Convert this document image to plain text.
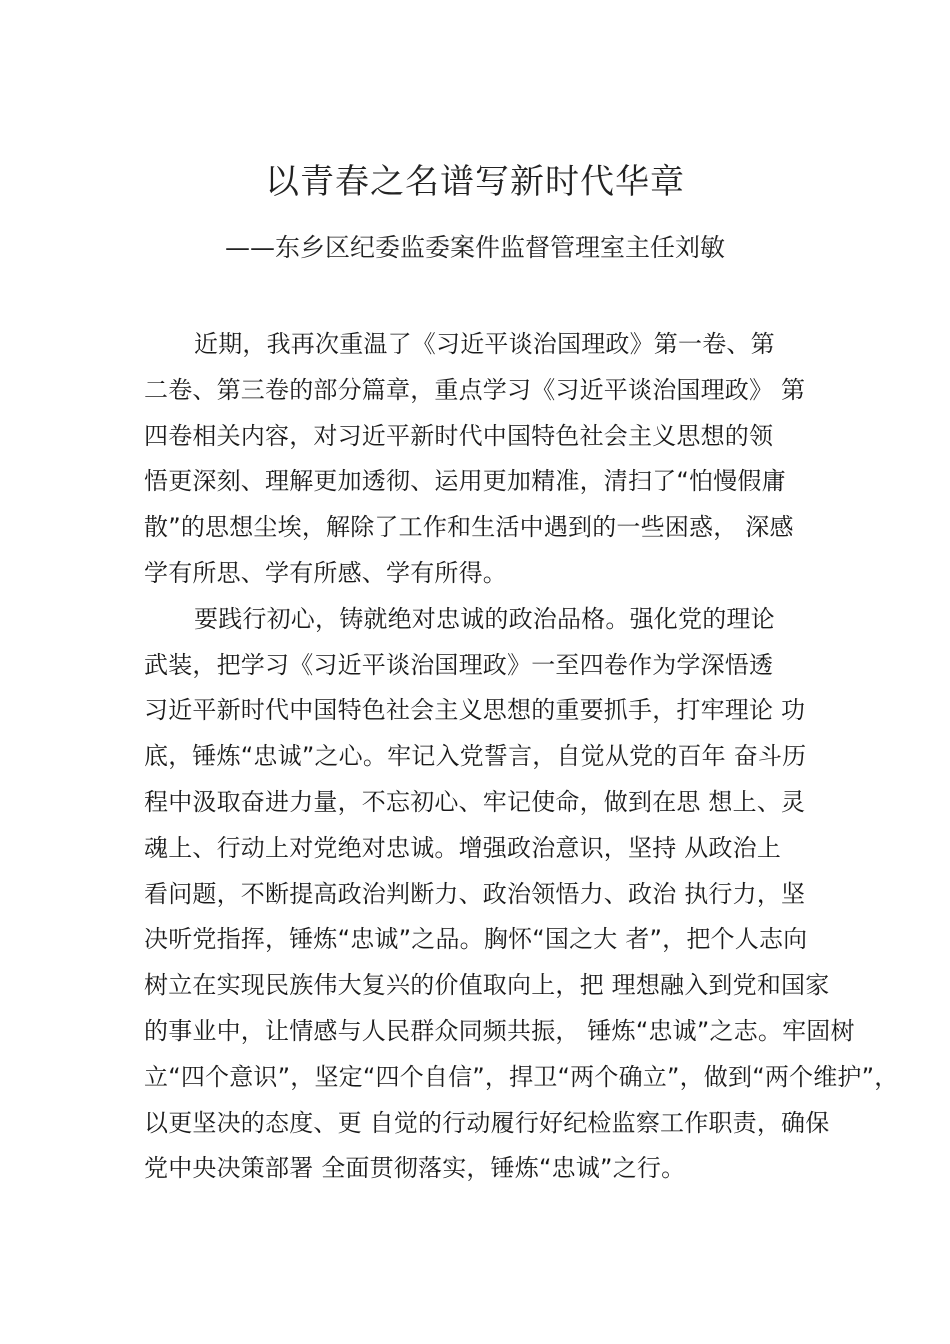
以青春之名谱写新时代华章
——东乡区纪委监委案件监督管理室主任刘敏
近期，我再次重温了《习近平谈治国理政》第一卷、第
二卷、第三卷的部分篇章，重点学习《习近平谈治国理政》 第
四卷相关内容，对习近平新时代中国特色社会主义思想的领
悟更深刻、理解更加透彻、运用更加精准，清扫了“怕慢假庸
散”的思想尘埃，解除了工作和生活中遇到的一些困惑， 深感
学有所思、学有所感、学有所得。
要践行初心，铸就绝对忠诚的政治品格。强化党的理论
武装，把学习《习近平谈治国理政》一至四卷作为学深悟透
习近平新时代中国特色社会主义思想的重要抓手，打牢理论 功
底，锤炼“忠诚”之心。牢记入党誓言，自觉从党的百年 奋斗历
程中汲取奋进力量，不忘初心、牢记使命，做到在思 想上、灵
魂上、行动上对党绝对忠诚。增强政治意识，坚持 从政治上
看问题，不断提高政治判断力、政治领悟力、政治 执行力，坚
决听党指挥，锤炼“忠诚”之品。胸怀“国之大 者”，把个人志向
树立在实现民族伟大复兴的价值取向上，把 理想融入到党和国家
的事业中，让情感与人民群众同频共振， 锤炼“忠诚”之志。牢固树
立“四个意识”，坚定“四个自信”，捍卫“两个确立”，做到“两个维护”，
以更坚决的态度、更 自觉的行动履行好纪检监察工作职责，确保
党中央决策部署 全面贯彻落实，锤炼“忠诚”之行。
